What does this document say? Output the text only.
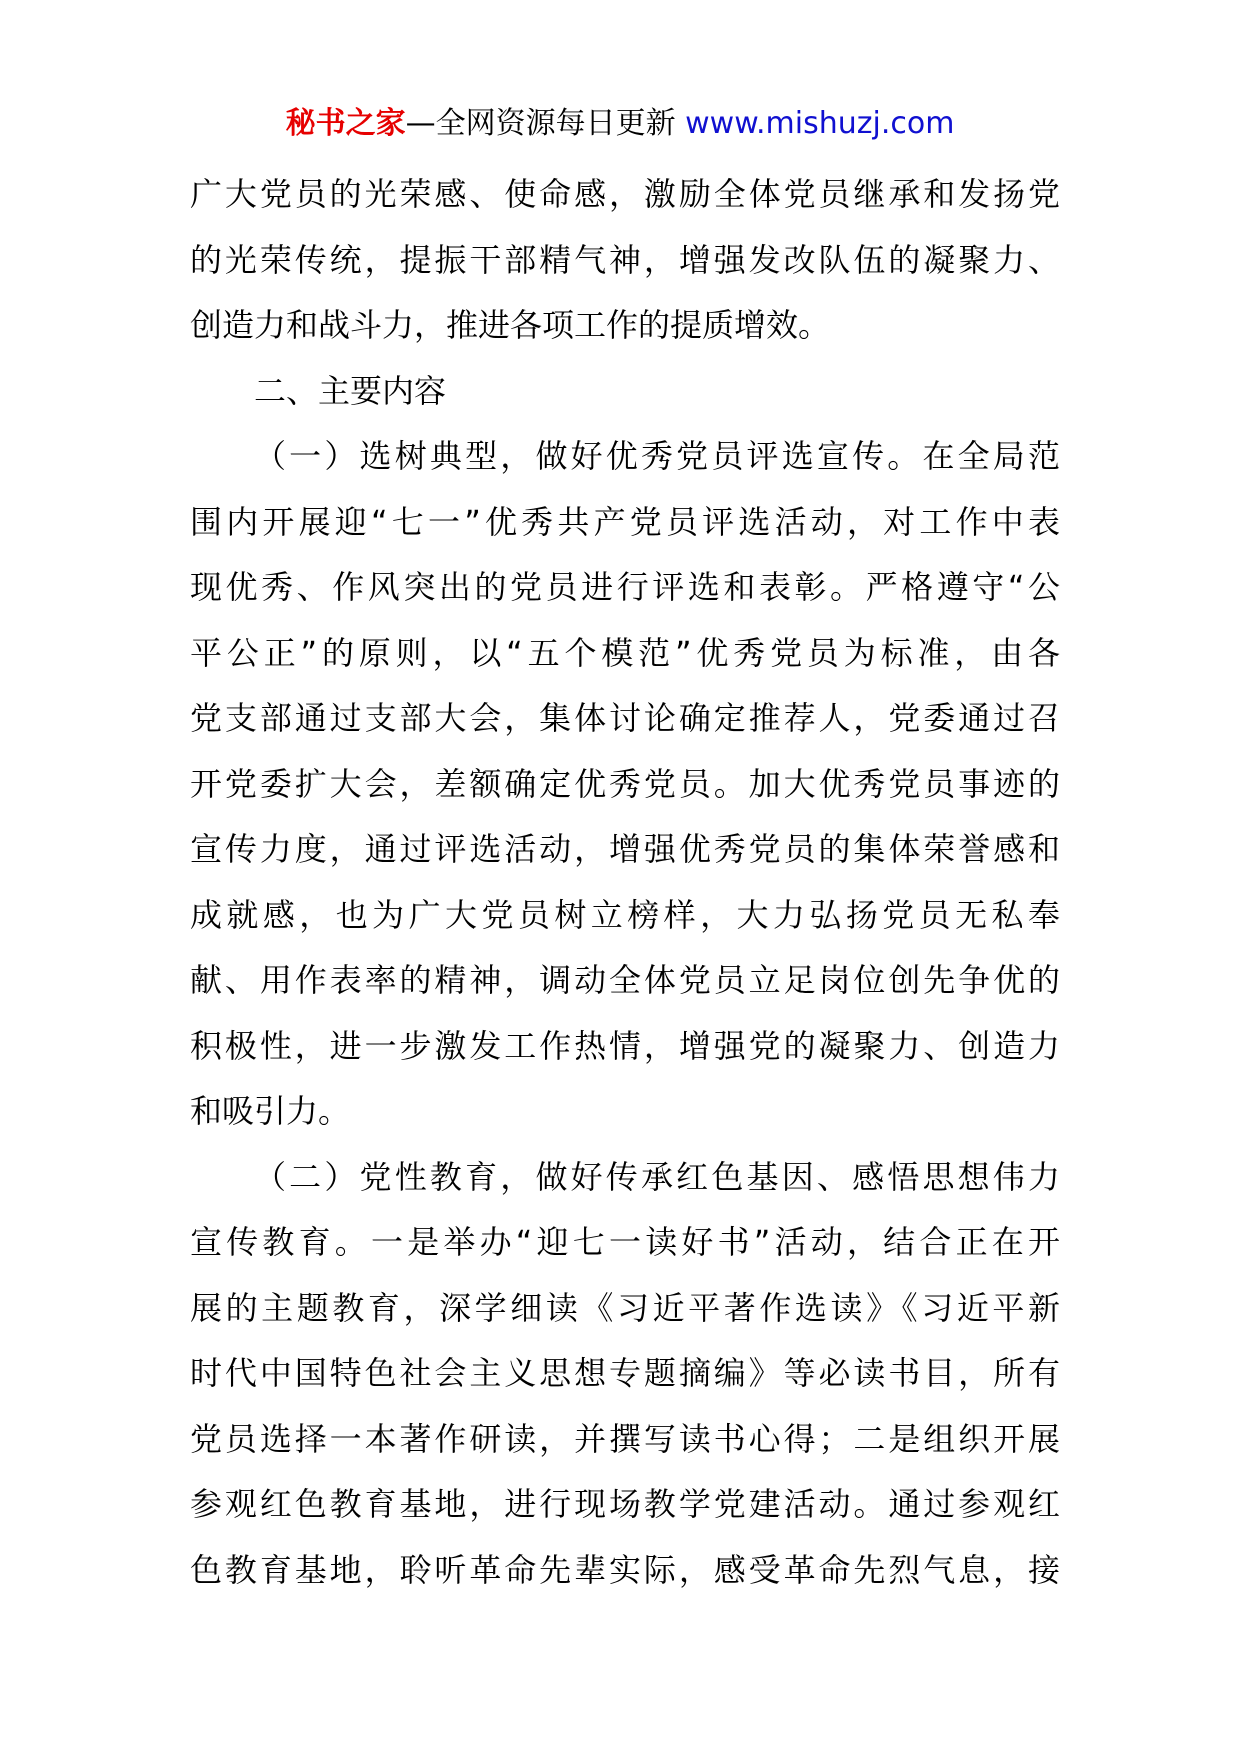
秘书之家—全网资源每日更新 www.mishuzj.com
广大党员的光荣感、使命感，激励全体党员继承和发扬党
的光荣传统，提振干部精气神，增强发改队伍的凝聚力、
创造力和战斗力，推进各项工作的提质增效。
二、主要内容
（一）选树典型，做好优秀党员评选宣传。在全局范
围内开展迎“七一”优秀共产党员评选活动，对工作中表
现优秀、作风突出的党员进行评选和表彰。严格遵守“公
平公正”的原则，以“五个模范”优秀党员为标准，由各
党支部通过支部大会，集体讨论确定推荐人，党委通过召
开党委扩大会，差额确定优秀党员。加大优秀党员事迹的
宣传力度，通过评选活动，增强优秀党员的集体荣誉感和
成就感，也为广大党员树立榜样，大力弘扬党员无私奉
献、用作表率的精神，调动全体党员立足岗位创先争优的
积极性，进一步激发工作热情，增强党的凝聚力、创造力
和吸引力。
（二）党性教育，做好传承红色基因、感悟思想伟力
宣传教育。一是举办“迎七一读好书”活动，结合正在开
展的主题教育，深学细读《习近平著作选读》《习近平新
时代中国特色社会主义思想专题摘编》等必读书目，所有
党员选择一本著作研读，并撰写读书心得；二是组织开展
参观红色教育基地，进行现场教学党建活动。通过参观红
色教育基地，聆听革命先辈实际，感受革命先烈气息，接
